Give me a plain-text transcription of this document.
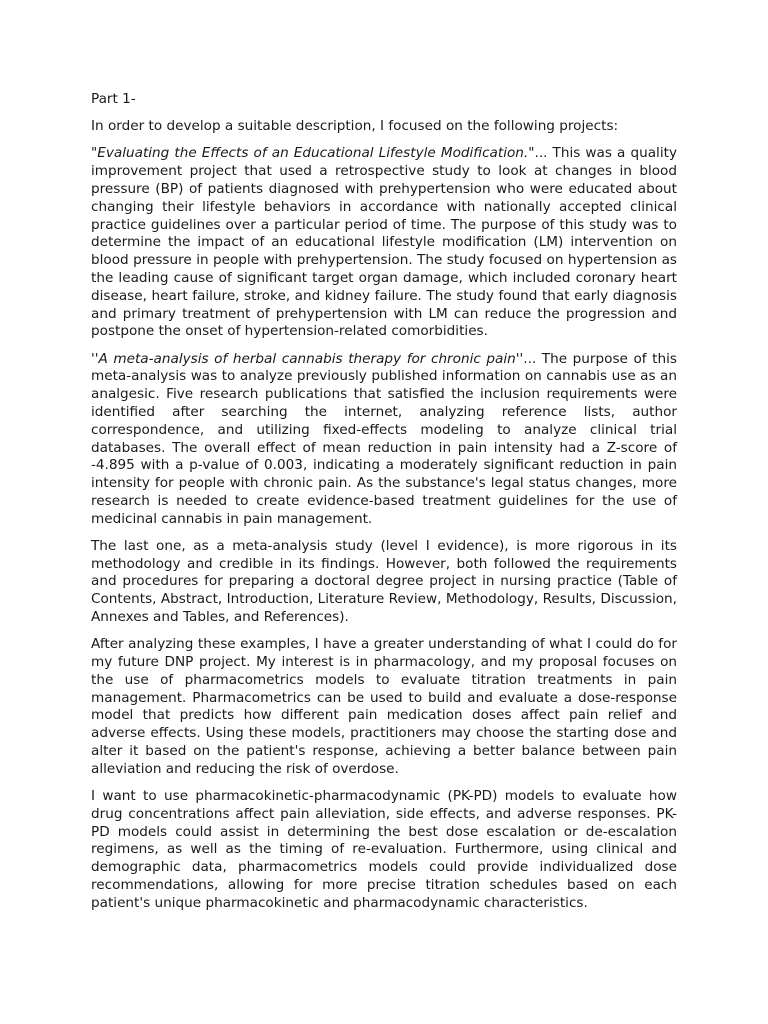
Part 1-

In order to develop a suitable description, I focused on the following projects:

"Evaluating the Effects of an Educational Lifestyle Modification."... This was a quality improvement project that used a retrospective study to look at changes in blood pressure (BP) of patients diagnosed with prehypertension who were educated about changing their lifestyle behaviors in accordance with nationally accepted clinical practice guidelines over a particular period of time. The purpose of this study was to determine the impact of an educational lifestyle modification (LM) intervention on blood pressure in people with prehypertension. The study focused on hypertension as the leading cause of significant target organ damage, which included coronary heart disease, heart failure, stroke, and kidney failure. The study found that early diagnosis and primary treatment of prehypertension with LM can reduce the progression and postpone the onset of hypertension-related comorbidities.

''A meta-analysis of herbal cannabis therapy for chronic pain''... The purpose of this meta-analysis was to analyze previously published information on cannabis use as an analgesic. Five research publications that satisfied the inclusion requirements were identified after searching the internet, analyzing reference lists, author correspondence, and utilizing fixed-effects modeling to analyze clinical trial databases. The overall effect of mean reduction in pain intensity had a Z-score of -4.895 with a p-value of 0.003, indicating a moderately significant reduction in pain intensity for people with chronic pain. As the substance's legal status changes, more research is needed to create evidence-based treatment guidelines for the use of medicinal cannabis in pain management.

The last one, as a meta-analysis study (level I evidence), is more rigorous in its methodology and credible in its findings. However, both followed the requirements and procedures for preparing a doctoral degree project in nursing practice (Table of Contents, Abstract, Introduction, Literature Review, Methodology, Results, Discussion, Annexes and Tables, and References).

After analyzing these examples, I have a greater understanding of what I could do for my future DNP project. My interest is in pharmacology, and my proposal focuses on the use of pharmacometrics models to evaluate titration treatments in pain management. Pharmacometrics can be used to build and evaluate a dose-response model that predicts how different pain medication doses affect pain relief and adverse effects. Using these models, practitioners may choose the starting dose and alter it based on the patient's response, achieving a better balance between pain alleviation and reducing the risk of overdose.

I want to use pharmacokinetic-pharmacodynamic (PK-PD) models to evaluate how drug concentrations affect pain alleviation, side effects, and adverse responses. PK-PD models could assist in determining the best dose escalation or de-escalation regimens, as well as the timing of re-evaluation. Furthermore, using clinical and demographic data, pharmacometrics models could provide individualized dose recommendations, allowing for more precise titration schedules based on each patient's unique pharmacokinetic and pharmacodynamic characteristics.
